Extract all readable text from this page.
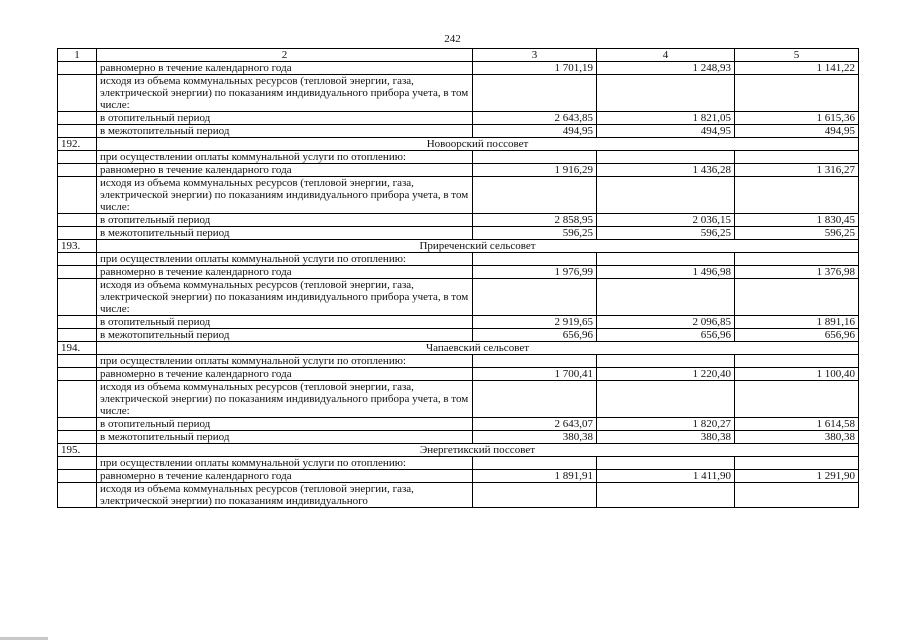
242
1	2	3	4	5
	равномерно в течение календарного года	1 701,19	1 248,93	1 141,22
	исходя из объема коммунальных ресурсов (тепловой энергии, газа, электрической энергии) по показаниям индивидуального прибора учета, в том числе:			
	в отопительный период	2 643,85	1 821,05	1 615,36
	в межотопительный период	494,95	494,95	494,95
192.	Новоорский поссовет			
	при осуществлении оплаты коммунальной услуги по отоплению:			
	равномерно в течение календарного года	1 916,29	1 436,28	1 316,27
	исходя из объема коммунальных ресурсов (тепловой энергии, газа, электрической энергии) по показаниям индивидуального прибора учета, в том числе:			
	в отопительный период	2 858,95	2 036,15	1 830,45
	в межотопительный период	596,25	596,25	596,25
193.	Приреченский сельсовет			
	при осуществлении оплаты коммунальной услуги по отоплению:			
	равномерно в течение календарного года	1 976,99	1 496,98	1 376,98
	исходя из объема коммунальных ресурсов (тепловой энергии, газа, электрической энергии) по показаниям индивидуального прибора учета, в том числе:			
	в отопительный период	2 919,65	2 096,85	1 891,16
	в межотопительный период	656,96	656,96	656,96
194.	Чапаевский сельсовет			
	при осуществлении оплаты коммунальной услуги по отоплению:			
	равномерно в течение календарного года	1 700,41	1 220,40	1 100,40
	исходя из объема коммунальных ресурсов (тепловой энергии, газа, электрической энергии) по показаниям индивидуального прибора учета, в том числе:			
	в отопительный период	2 643,07	1 820,27	1 614,58
	в межотопительный период	380,38	380,38	380,38
195.	Энергетикский поссовет			
	при осуществлении оплаты коммунальной услуги по отоплению:			
	равномерно в течение календарного года	1 891,91	1 411,90	1 291,90
	исходя из объема коммунальных ресурсов (тепловой энергии, газа, электрической энергии) по показаниям индивидуального			
